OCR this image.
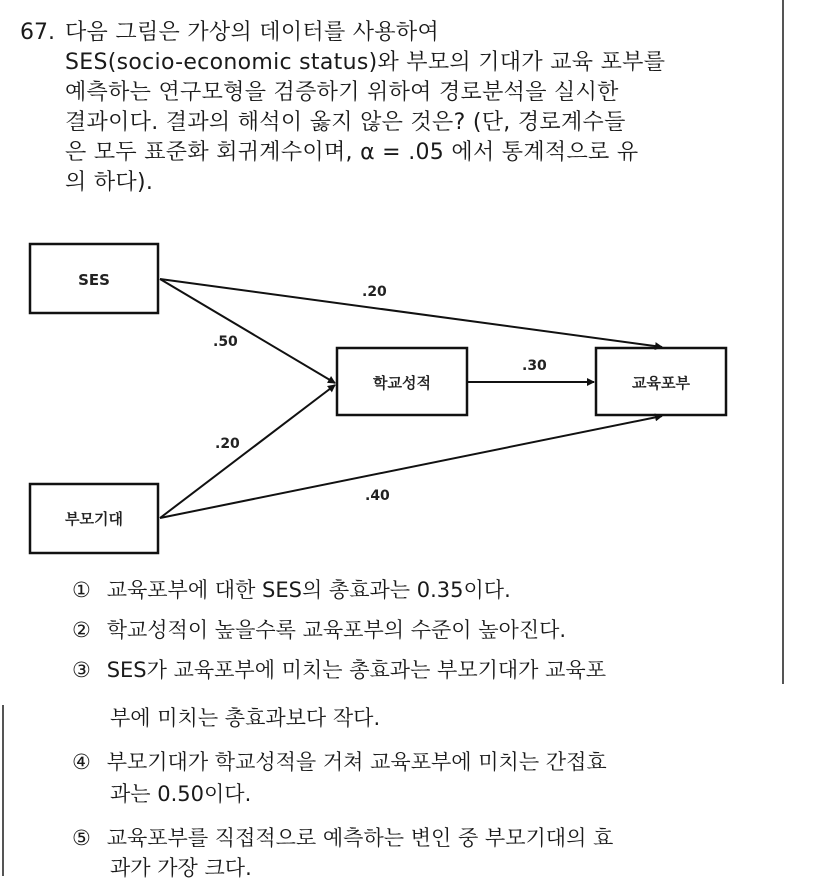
67. 다음 그림은 가상의 데이터를 사용하여
SES(socio-economic status)와 부모의 기대가 교육 포부를
예측하는 연구모형을 검증하기 위하여 경로분석을 실시한
결과이다. 결과의 해석이 옳지 않은 것은? (단, 경로계수들
은 모두 표준화 회귀계수이며, α = .05 에서 통계적으로 유
의 하다).
SES
학교성적	교육포부
부모기대
.20
.50
.30
.20
.40
① 교육포부에 대한 SES의 총효과는 0.35이다.
② 학교성적이 높을수록 교육포부의 수준이 높아진다.
③ SES가 교육포부에 미치는 총효과는 부모기대가 교육포
부에 미치는 총효과보다 작다.
④ 부모기대가 학교성적을 거쳐 교육포부에 미치는 간접효
과는 0.50이다.
⑤ 교육포부를 직접적으로 예측하는 변인 중 부모기대의 효
과가 가장 크다.
